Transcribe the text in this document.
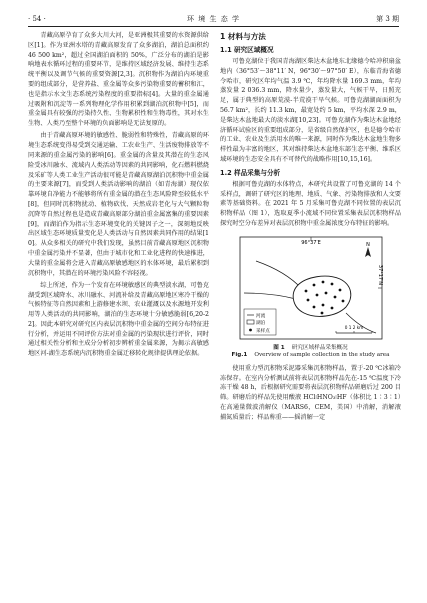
· 54 ·	环 境 生 态 学	第 3 期

青藏高原孕育了众多大川大河，是亚洲极其重要的水资源供给区[1]。作为亚洲水塔的青藏高原发育了众多湖泊，湖泊总面积约 46 500 km²，超过全国湖泊面积的 50%，广泛分布的湖泊是影响地表水循环过程的重要环节，是维持区域经济发展、维持生态系统平衡以及调节气候的重要资源[2,3]。沉积物作为湖泊内环境重要的组成部分，是营养盐、重金属等众多污染物重要的蓄积和汇，也是指示水文生态系统污染程度的重要指标[4]。大量的重金属通过吸附和沉淀等一系列物理化学作用积累到湖泊沉积物中[5]，而重金属具有较强的污染持久性、生物累积性和生物毒性，其对水生生物、人类乃至整个环境的负面影响是无法复原的。

由于青藏高原环境的敏感性、脆弱性和特殊性，青藏高原的环境生态系统变得易受到交通运输、工农业生产、生活废物排放等不同来源的重金属污染的影响[6]。重金属的含量及其潜在的生态风险受冰川融水、流域内人类活动等因素的共同影响，化石燃料燃烧及采矿等人类工业生产活动很可能是青藏高原湖泊沉积物中重金属的主要来源[7]，而受到人类活动影响的湖泊（如青海湖）现仅依靠环境自净能力不能够将所有重金属的潜在生态风险降至较低水平[8]，但同时沉积物扰动、植物砍伐、天然成岩老化与大气颗粒物沉降等自然过程也是造成青藏高原部分湖泊重金属富集的重要因素[9]，而湖泊作为指示生态环境变化的关键因子之一，深刻地反映出区域生态环境质量变化是人类活动与自然因素共同作用的结果[10]。从众多相关的研究中我们发现，虽然目前青藏高原地区沉积物中重金属污染并不显著，但由于城市化和工业化进程的快速推进，大量的重金属将会进入青藏高原敏感地区的水体环境，最后累积到沉积物中，其潜在的环境污染风险不容轻视。

综上所述，作为一个发育在环境敏感区的典型淡水湖，可鲁克湖受到区域降水、冰川融水、河流补给及青藏高原地区寒冷干燥的气候特征等自然因素和上游修建水坝、农业灌溉以及水源地开发利用等人类活动的共同影响，湖泊的生态环境十分敏感脆弱[6,20-22]。因此本研究对研究区内表层沉积物中重金属的空间分布特征进行分析，并运用不同评价方法对重金属的污染现状进行评价，同时通过相关性分析和主成分分析初步辨析重金属来源，为揭示高敏感地区河-湖生态系统内沉积物重金属迁移转化规律提供理论依据。

1 材料与方法
1.1 研究区域概况

可鲁克湖位于我国青海湖区柴达木盆地东北缘德令哈冲积扇盆地内（36°53′～38°11′ N，96°30′～97°50′ E），东临青海省德令哈市，研究区年均气温 3.9 ℃，年均降水量 169.3 mm，年均蒸发量 2 036.3 mm，降水量少，蒸发量大，气候干旱，日照充足，属于典型的高原荒漠-半荒漠干旱气候。可鲁克湖湖面面积为 56.7 km²，长约 11.3 km，最宽处约 5 km，平均水深 2.9 m，是柴达木盆地最大的淡水湖[10,23]。可鲁克湖作为柴达木盆地经济循环试验区的重要组成部分，是省级自然保护区，也是德令哈市的工业、农业及生活用水的唯一来源，同时作为柴达木盆地生物多样性最为丰富的地区，其对维持柴达木盆地东部生态平衡、维系区域环境的生态安全具有不可替代的战略作用[10,15,16]。

1.2 样品采集与分析

根据可鲁克湖的水体特点，本研究共设置了可鲁克湖的 14 个采样点，调研了研究区的地理、地质、气象、污染物排放和人文要素等基础资料。在 2021 年 5 月采集可鲁克湖不同位置的表层沉积物样品（图 1），选取夏季小流域不同位置采集表层沉积物样品探究时空分布差异对表层沉积物中重金属浓度分布特征的影响。

96°37′E
37°17′N
N
河流
湖泊
采样点
0 1 2 km
图 1 研究区域样品采集概况
Fig.1 Overview of sample collection in the study area

使用重力型沉积物采泥器采集沉积物样品，置于-20 ℃冰箱冷冻保存。在室内分析测试前将表层沉积物样品先在-15 ℃温度下冷冻干燥 48 h，后根据研究需要将表层沉积物样品研磨后过 200 目筛。研磨后的样品先使用酸液 HCl∶HNO₃∶HF（体积比 1∶3∶1）在高通量微波消解仪（MARS6，CEM，美国）中消解，消解液捕氮质量后；样品称重——摇消解一定
